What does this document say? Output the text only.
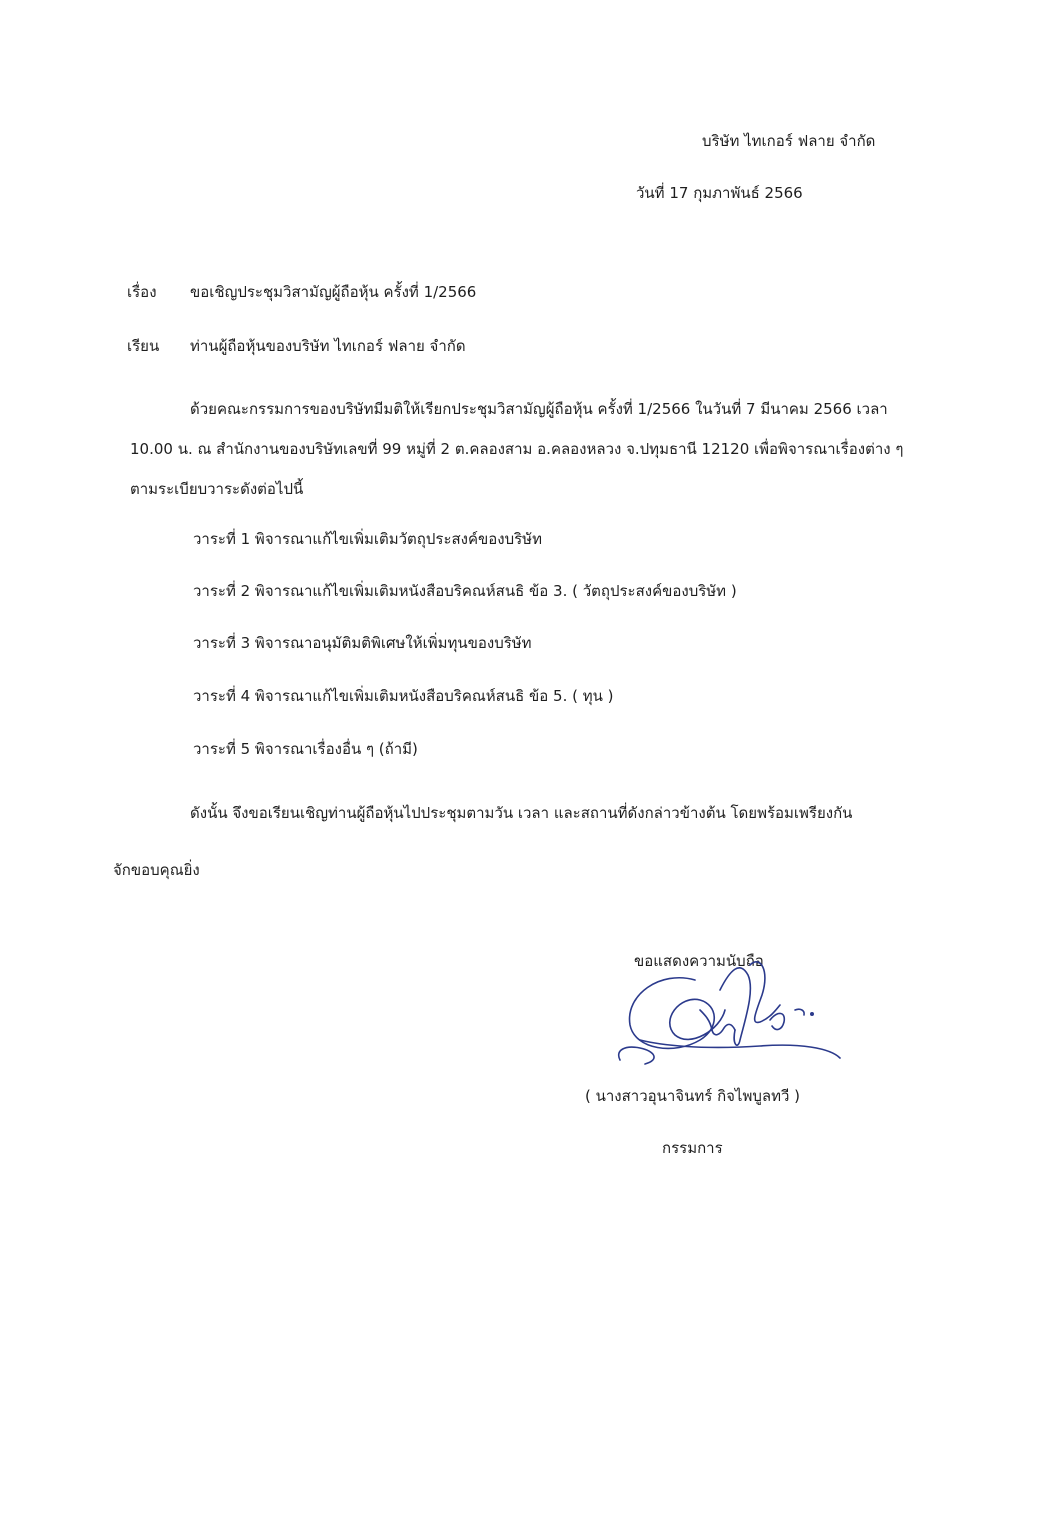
บริษัท ไทเกอร์ ฟลาย จำกัด
วันที่ 17 กุมภาพันธ์ 2566
เรื่อง ขอเชิญประชุมวิสามัญผู้ถือหุ้น ครั้งที่ 1/2566
เรียน ท่านผู้ถือหุ้นของบริษัท ไทเกอร์ ฟลาย จำกัด
ด้วยคณะกรรมการของบริษัทมีมติให้เรียกประชุมวิสามัญผู้ถือหุ้น ครั้งที่ 1/2566 ในวันที่ 7 มีนาคม 2566 เวลา
10.00 น. ณ สำนักงานของบริษัทเลขที่ 99 หมู่ที่ 2 ต.คลองสาม อ.คลองหลวง จ.ปทุมธานี 12120 เพื่อพิจารณาเรื่องต่าง ๆ
ตามระเบียบวาระดังต่อไปนี้
วาระที่ 1 พิจารณาแก้ไขเพิ่มเติมวัตถุประสงค์ของบริษัท
วาระที่ 2 พิจารณาแก้ไขเพิ่มเติมหนังสือบริคณห์สนธิ ข้อ 3. ( วัตถุประสงค์ของบริษัท )
วาระที่ 3 พิจารณาอนุมัติมติพิเศษให้เพิ่มทุนของบริษัท
วาระที่ 4 พิจารณาแก้ไขเพิ่มเติมหนังสือบริคณห์สนธิ ข้อ 5. ( ทุน )
วาระที่ 5 พิจารณาเรื่องอื่น ๆ (ถ้ามี)
ดังนั้น จึงขอเรียนเชิญท่านผู้ถือหุ้นไปประชุมตามวัน เวลา และสถานที่ดังกล่าวข้างต้น โดยพร้อมเพรียงกัน
จักขอบคุณยิ่ง
ขอแสดงความนับถือ
( นางสาวอุนาจินทร์ กิจไพบูลทวี )
กรรมการ
